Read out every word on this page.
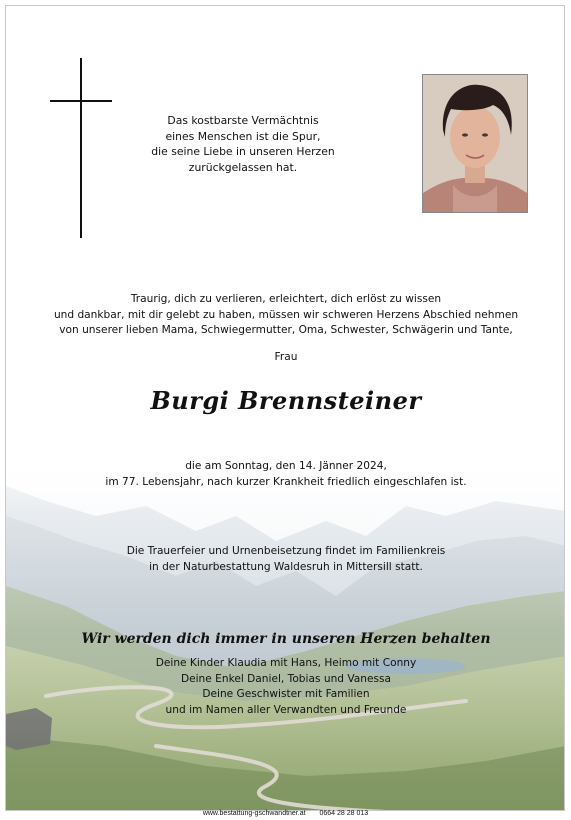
Das kostbarste Vermächtnis
eines Menschen ist die Spur,
die seine Liebe in unseren Herzen
zurückgelassen hat.
Traurig, dich zu verlieren, erleichtert, dich erlöst zu wissen
und dankbar, mit dir gelebt zu haben, müssen wir schweren Herzens Abschied nehmen
von unserer lieben Mama, Schwiegermutter, Oma, Schwester, Schwägerin und Tante,
Frau
Burgi Brennsteiner
die am Sonntag, den 14. Jänner 2024,
im 77. Lebensjahr, nach kurzer Krankheit friedlich eingeschlafen ist.
Die Trauerfeier und Urnenbeisetzung findet im Familienkreis
in der Naturbestattung Waldesruh in Mittersill statt.
Wir werden dich immer in unseren Herzen behalten
Deine Kinder Klaudia mit Hans, Heimo mit Conny
Deine Enkel Daniel, Tobias und Vanessa
Deine Geschwister mit Familien
und im Namen aller Verwandten und Freunde
www.bestattung-gschwandtner.at 0664 28 28 013
